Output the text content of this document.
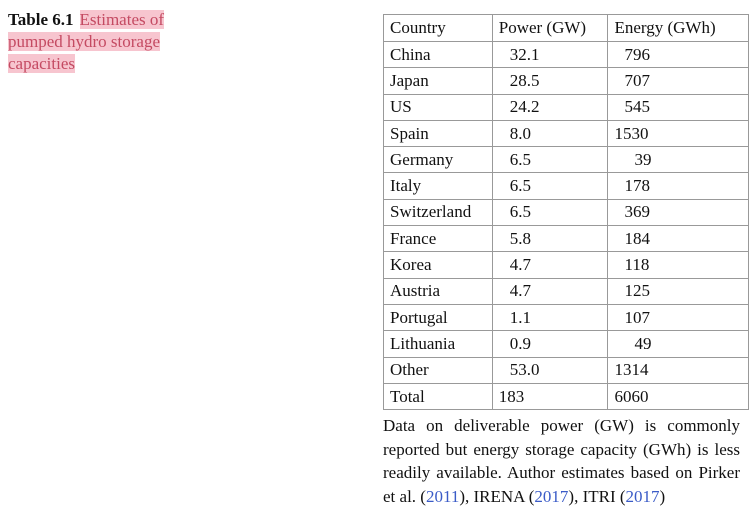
Table 6.1 Estimates of pumped hydro storage capacities
Country	Power (GW)	Energy (GWh)
China	32.1	796
Japan	28.5	707
US	24.2	545
Spain	8.0	1530
Germany	6.5	39
Italy	6.5	178
Switzerland	6.5	369
France	5.8	184
Korea	4.7	118
Austria	4.7	125
Portugal	1.1	107
Lithuania	0.9	49
Other	53.0	1314
Total	183	6060
Data on deliverable power (GW) is commonly reported but energy storage capacity (GWh) is less readily available. Author estimates based on Pirker et al. (2011), IRENA (2017), ITRI (2017)
